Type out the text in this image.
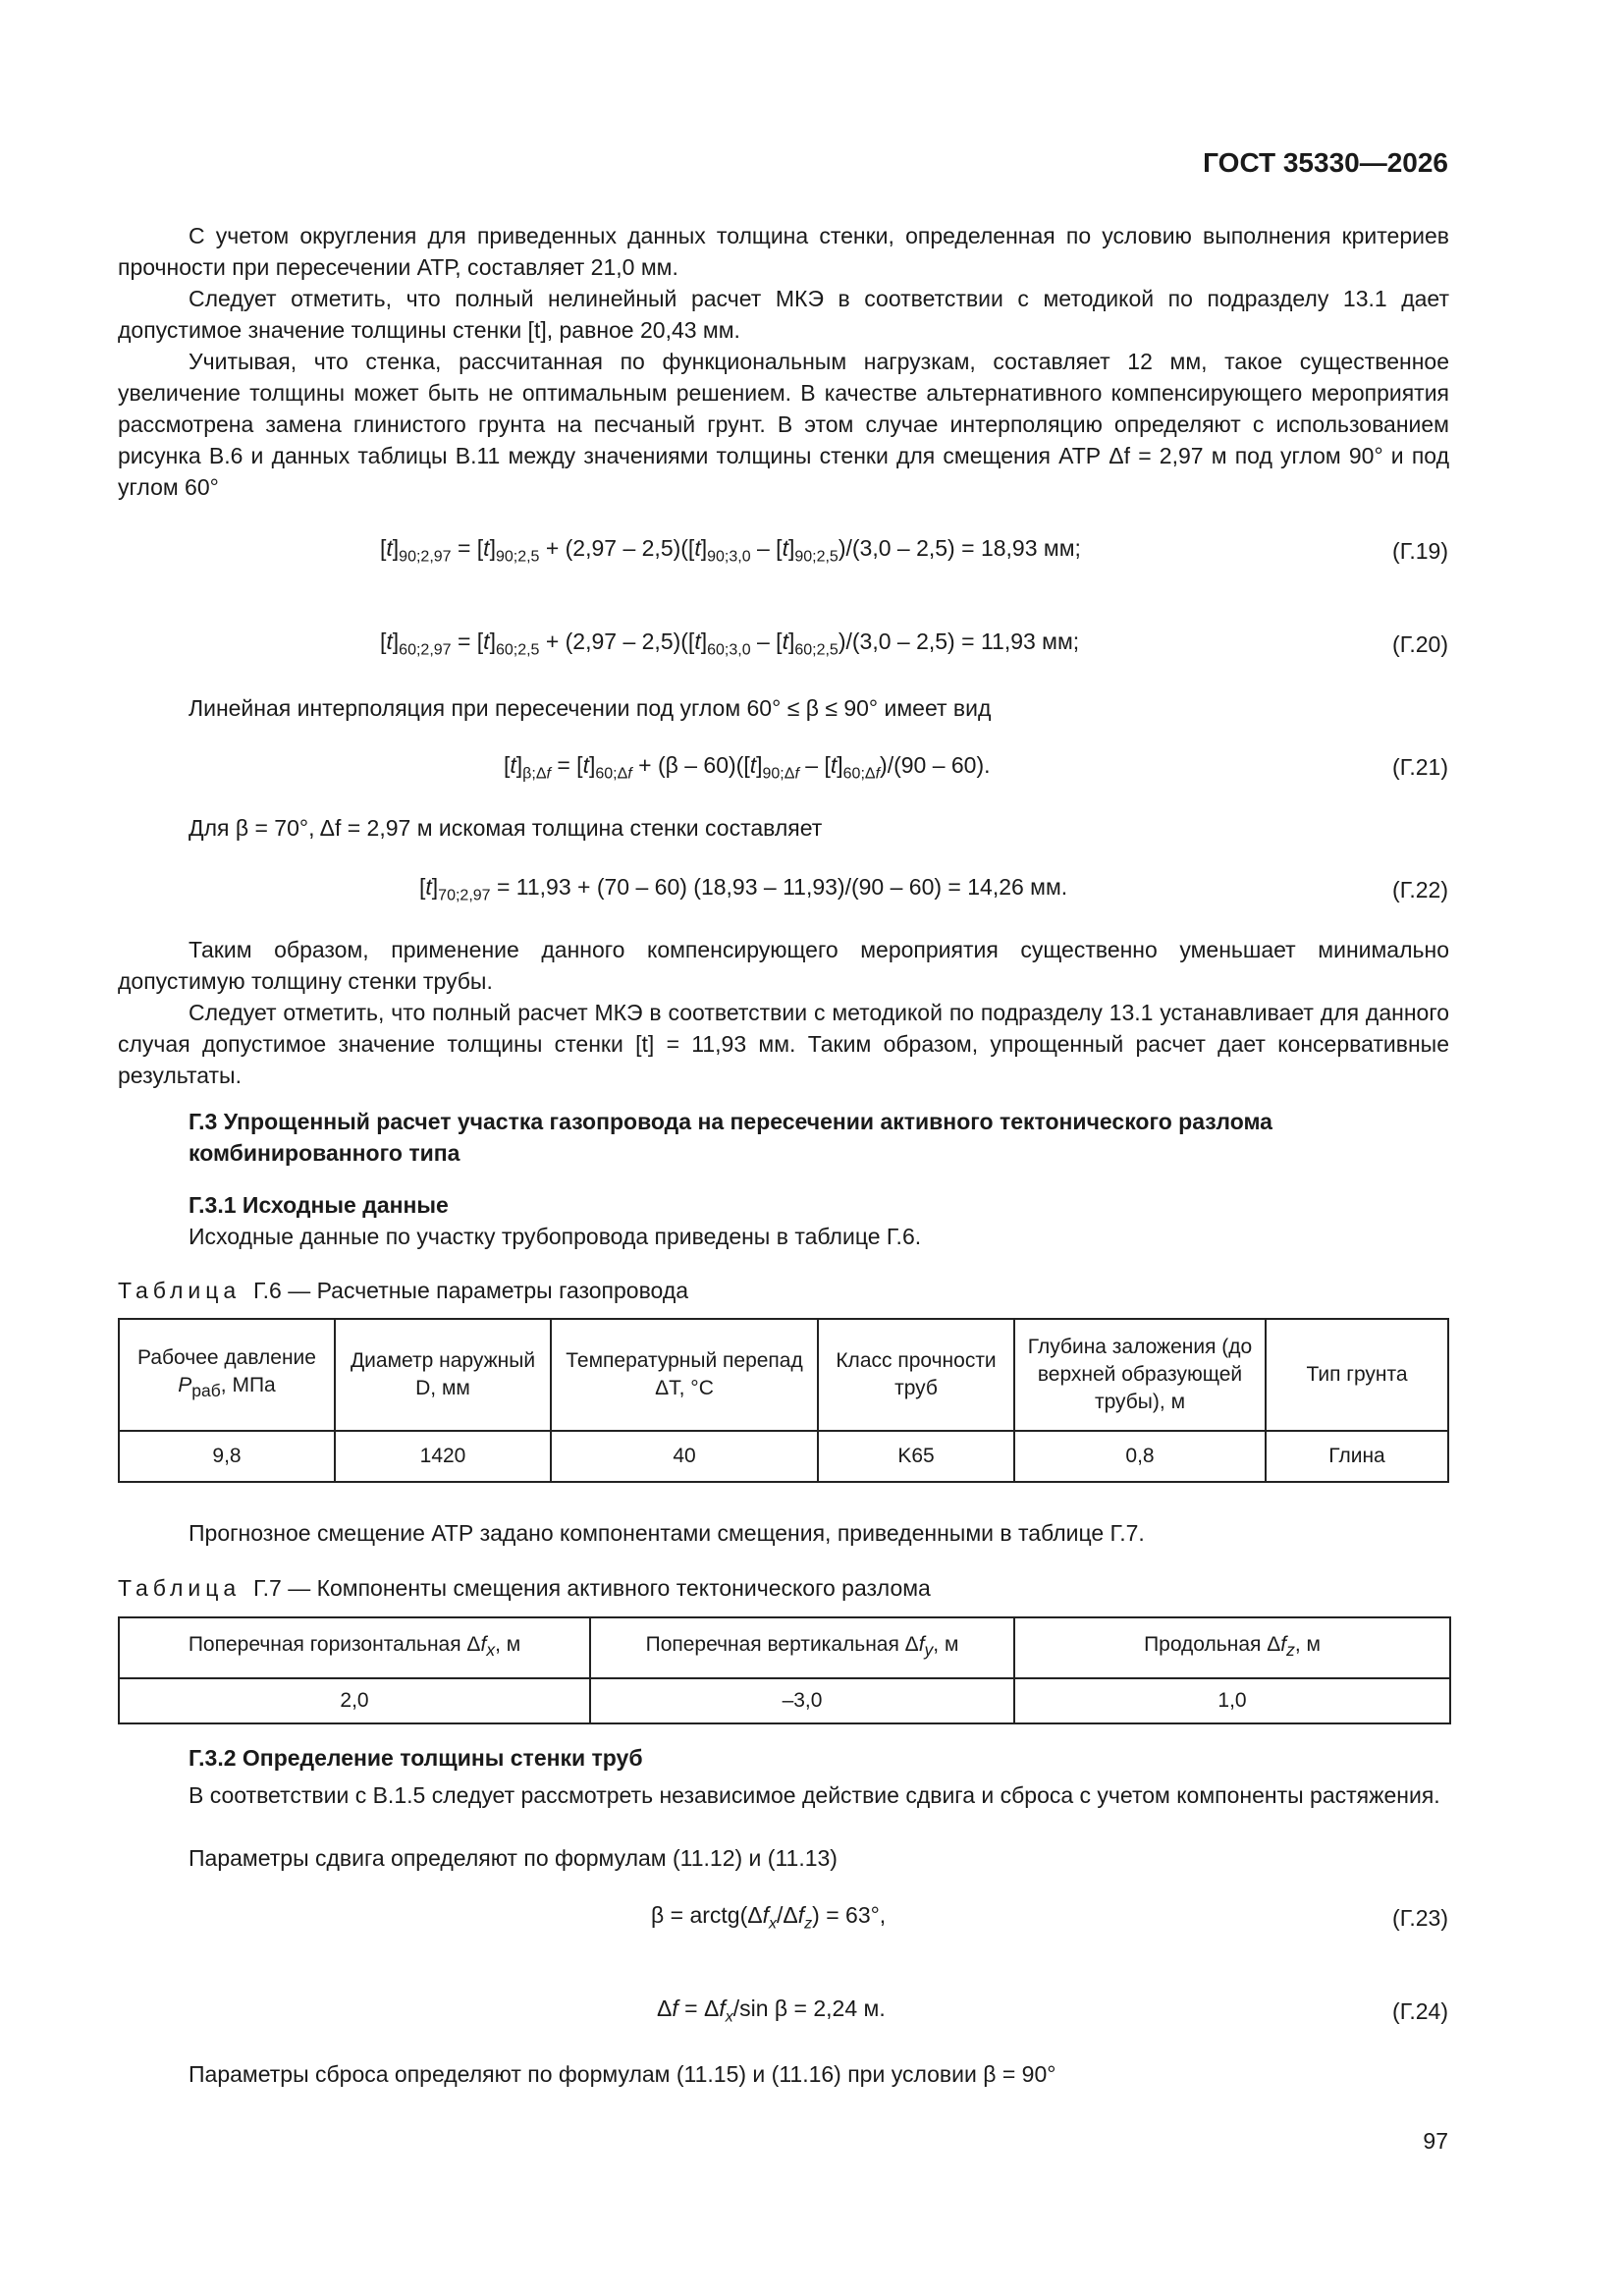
ГОСТ 35330—2026

С учетом округления для приведенных данных толщина стенки, определенная по условию выполнения критериев прочности при пересечении АТР, составляет 21,0 мм.

Следует отметить, что полный нелинейный расчет МКЭ в соответствии с методикой по подразделу 13.1 дает допустимое значение толщины стенки [t], равное 20,43 мм.

Учитывая, что стенка, рассчитанная по функциональным нагрузкам, составляет 12 мм, такое существенное увеличение толщины может быть не оптимальным решением. В качестве альтернативного компенсирующего мероприятия рассмотрена замена глинистого грунта на песчаный грунт. В этом случае интерполяцию определяют с использованием рисунка В.6 и данных таблицы В.11 между значениями толщины стенки для смещения АТР Δf = 2,97 м под углом 90° и под углом 60°

$[t]_{90;2,97} = [t]_{90;2,5} + (2,97 - 2,5)([t]_{90;3,0} - [t]_{90;2,5})/(3,0 - 2,5) = 18,93$ мм;	(Г.19)
$[t]_{60;2,97} = [t]_{60;2,5} + (2,97 - 2,5)([t]_{60;3,0} - [t]_{60;2,5})/(3,0 - 2,5) = 11,93$ мм;	(Г.20)

Линейная интерполяция при пересечении под углом 60° ≤ β ≤ 90° имеет вид

$[t]_{\beta;\Delta f} = [t]_{60;\Delta f} + (\beta - 60)([t]_{90;\Delta f} - [t]_{60;\Delta f})/(90 - 60)$.	(Г.21)

Для β = 70°, Δf = 2,97 м искомая толщина стенки составляет

$[t]_{70;2,97} = 11,93 + (70 - 60)$ (18,93 – 11,93)/(90 – 60) = 14,26 мм.	(Г.22)

Таким образом, применение данного компенсирующего мероприятия существенно уменьшает минимально допустимую толщину стенки трубы.

Следует отметить, что полный расчет МКЭ в соответствии с методикой по подразделу 13.1 устанавливает для данного случая допустимое значение толщины стенки [t] = 11,93 мм. Таким образом, упрощенный расчет дает консервативные результаты.

Г.3 Упрощенный расчет участка газопровода на пересечении активного тектонического разлома комбинированного типа

Г.3.1 Исходные данные

Исходные данные по участку трубопровода приведены в таблице Г.6.

Таблица Г.6 — Расчетные параметры газопровода
Рабочее давление
$P_{раб}$, МПа	Диаметр наружный D, мм	Температурный перепад ΔT, °С	Класс прочности труб	Глубина заложения (до верхней образующей трубы), м	Тип грунта
9,8	1420	40	K65	0,8	Глина

Прогнозное смещение АТР задано компонентами смещения, приведенными в таблице Г.7.

Таблица Г.7 — Компоненты смещения активного тектонического разлома
Поперечная горизонтальная $\Delta f_x$, м	Поперечная вертикальная $\Delta f_y$, м	Продольная $\Delta f_z$, м
2,0	–3,0	1,0

Г.3.2 Определение толщины стенки труб

В соответствии с В.1.5 следует рассмотреть независимое действие сдвига и сброса с учетом компоненты растяжения.

Параметры сдвига определяют по формулам (11.12) и (11.13)

$\beta = arctg(\Delta f_x/\Delta f_z) = 63^\circ$,	(Г.23)
$\Delta f = \Delta f_x/\sin$ β = 2,24 м.	(Г.24)

Параметры сброса определяют по формулам (11.15) и (11.16) при условии β = 90°

97
